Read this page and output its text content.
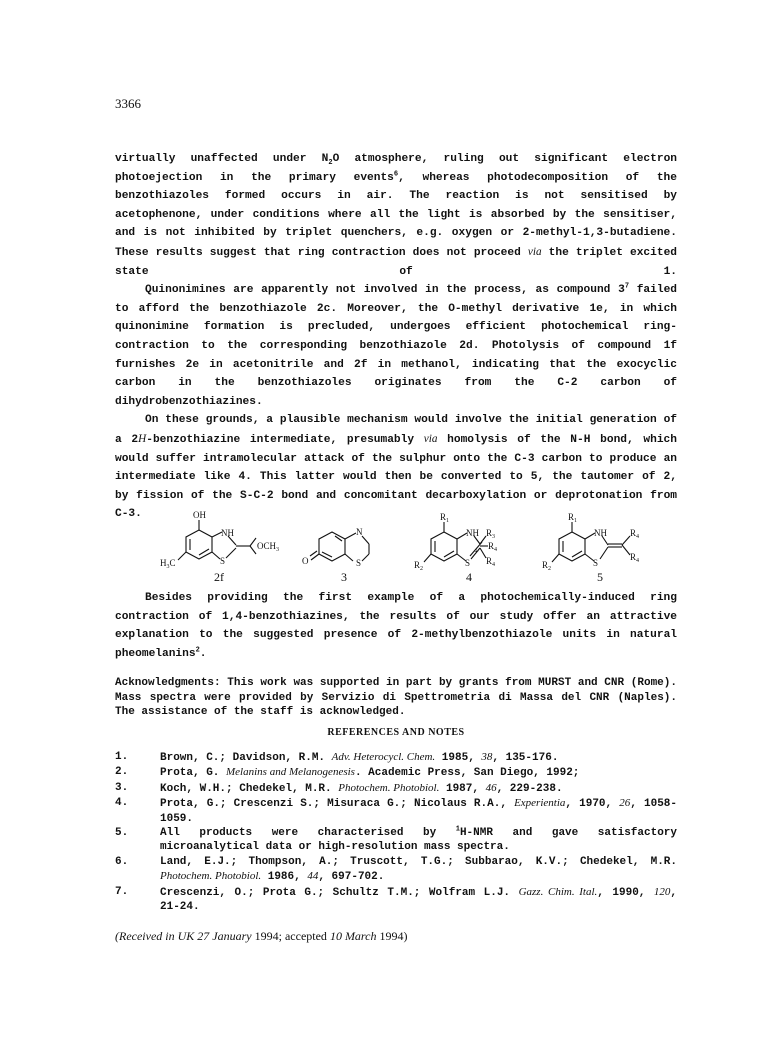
3366

virtually unaffected under $N_2O$ atmosphere, ruling out significant electron photoejection in the primary events$^6$, whereas photodecomposition of the benzothiazoles formed occurs in air. The reaction is not sensitised by acetophenone, under conditions where all the light is absorbed by the sensitiser, and is not inhibited by triplet quenchers, e.g. oxygen or 2-methyl-1,3-butadiene. These results suggest that ring contraction does not proceed via the triplet excited state of 1.

Quinonimines are apparently not involved in the process, as compound $3^7$ failed to afford the benzothiazole 2c. Moreover, the O-methyl derivative 1e, in which quinonimine formation is precluded, undergoes efficient photochemical ring-contraction to the corresponding benzothiazole 2d. Photolysis of compound 1f furnishes 2e in acetonitrile and 2f in methanol, indicating that the exocyclic carbon in the benzothiazoles originates from the C-2 carbon of dihydrobenzothiazines.

On these grounds, a plausible mechanism would involve the initial generation of a 2H-benzothiazine intermediate, presumably via homolysis of the N-H bond, which would suffer intramolecular attack of the sulphur onto the C-3 carbon to produce an intermediate like 4. This latter would then be converted to 5, the tautomer of 2, by fission of the S-C-2 bond and concomitant decarboxylation or deprotonation from C-3.	OH
NH
S
$OCH_3$
$H_3C$
N
S
O
$R_1$
NH $R_3$
$R_4$
$R_4$
S
+
$R_2$
$R_1$
NH
S
$R_4$
$R_4$
$R_2$
2f	3	4	5

Besides providing the first example of a photochemically-induced ring contraction of 1,4-benzothiazines, the results of our study offer an attractive explanation to the suggested presence of 2-methylbenzothiazole units in natural pheomelanins$^2$.

Acknowledgments: This work was supported in part by grants from MURST and CNR (Rome). Mass spectra were provided by Servizio di Spettrometria di Massa del CNR (Naples). The assistance of the staff is acknowledged.
REFERENCES AND NOTES
1.	Brown, C.; Davidson, R.M. Adv. Heterocycl. Chem. 1985, 38, 135-176.
2.	Prota, G. Melanins and Melanogenesis. Academic Press, San Diego, 1992;
3.	Koch, W.H.; Chedekel, M.R. Photochem. Photobiol. 1987, 46, 229-238.
4.	Prota, G.; Crescenzi S.; Misuraca G.; Nicolaus R.A., Experientia, 1970, 26, 1058-1059.
5.	All products were characterised by $^1$H-NMR and gave satisfactory microanalytical data or high-resolution mass spectra.
6.	Land, E.J.; Thompson, A.; Truscott, T.G.; Subbarao, K.V.; Chedekel, M.R. Photochem. Photobiol. 1986, 44, 697-702.
7.	Crescenzi, O.; Prota G.; Schultz T.M.; Wolfram L.J. Gazz. Chim. Ital., 1990, 120, 21-24.
(Received in UK 27 January 1994; accepted 10 March 1994)
